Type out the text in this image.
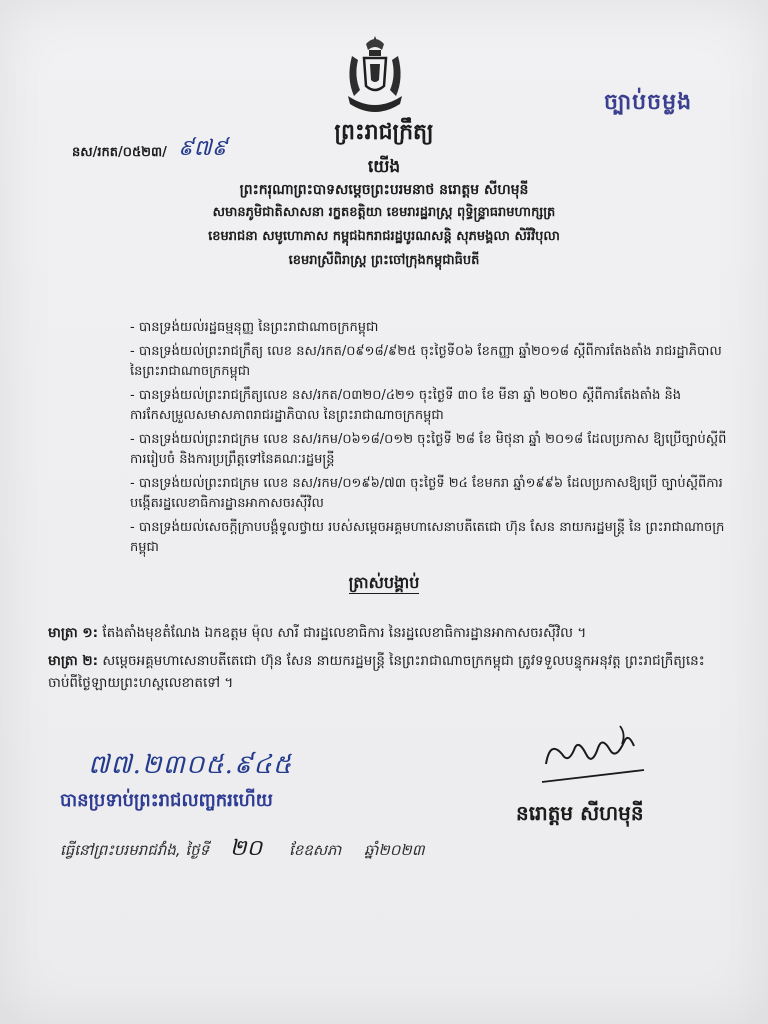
ច្បាប់ចម្លង
ព្រះរាជក្រឹត្យ
នស/រកត/០៥២៣/ ៩៧៩
យើង
ព្រះករុណាព្រះបាទសម្តេចព្រះបរមនាថ នរោត្តម សីហមុនី
សមានភូមិជាតិសាសនា រក្ខតខត្តិយា ខេមរារដ្ឋរាស្ត្រ ពុទ្ធិន្ទ្រាធរាមហាក្សត្រ
ខេមរាជនា សមូហោភាស កម្ពុជឯករាជរដ្ឋបូរណសន្តិ សុភមង្គលា សិរីវិបុលា
ខេមរាស្រីពិរាស្ត្រ ព្រះចៅក្រុងកម្ពុជាធិបតី
- បានទ្រង់យល់រដ្ឋធម្មនុញ្ញ នៃព្រះរាជាណាចក្រកម្ពុជា
- បានទ្រង់យល់ព្រះរាជក្រឹត្យ លេខ នស/រកត/០៩១៨/៩២៥ ចុះថ្ងៃទី០៦ ខែកញ្ញា ឆ្នាំ២០១៨ ស្តីពីការតែងតាំង រាជរដ្ឋាភិបាល នៃព្រះរាជាណាចក្រកម្ពុជា
- បានទ្រង់យល់ព្រះរាជក្រឹត្យលេខ នស/រកត/០៣២០/៤២១ ចុះថ្ងៃទី ៣០ ខែ មីនា ឆ្នាំ ២០២០ ស្តីពីការតែងតាំង និងការកែសម្រួលសមាសភាពរាជរដ្ឋាភិបាល នៃព្រះរាជាណាចក្រកម្ពុជា
- បានទ្រង់យល់ព្រះរាជក្រម លេខ នស/រកម/០៦១៨/០១២ ចុះថ្ងៃទី ២៨ ខែ មិថុនា ឆ្នាំ ២០១៨ ដែលប្រកាស ឱ្យប្រើច្បាប់ស្តីពីការរៀបចំ និងការប្រព្រឹត្តទៅនៃគណៈរដ្ឋមន្ត្រី
- បានទ្រង់យល់ព្រះរាជក្រម លេខ នស/រកម/០១៩៦/៧៣ ចុះថ្ងៃទី ២៤ ខែមករា ឆ្នាំ១៩៩៦ ដែលប្រកាសឱ្យប្រើ ច្បាប់ស្តីពីការបង្កើតរដ្ឋលេខាធិការដ្ឋានអាកាសចរស៊ីវិល
- បានទ្រង់យល់សេចក្តីក្រាបបង្គំទូលថ្វាយ របស់សម្តេចអគ្គមហាសេនាបតីតេជោ ហ៊ុន សែន នាយករដ្ឋមន្ត្រី នៃ ព្រះរាជាណាចក្រកម្ពុជា
ត្រាស់បង្គាប់
មាត្រា ១: តែងតាំងមុខតំណែង ឯកឧត្តម ម៉ុល សារី ជារដ្ឋលេខាធិការ នៃរដ្ឋលេខាធិការដ្ឋានអាកាសចរស៊ីវិល ។
មាត្រា ២: សម្តេចអគ្គមហាសេនាបតីតេជោ ហ៊ុន សែន នាយករដ្ឋមន្ត្រី នៃព្រះរាជាណាចក្រកម្ពុជា ត្រូវទទួលបន្ទុកអនុវត្ត ព្រះរាជក្រឹត្យនេះ ចាប់ពីថ្ងៃឡាយព្រះហស្តលេខាតទៅ ។
៧៧.២៣០៥.៩៤៥
បានប្រទាប់ព្រះរាជលញ្ចករហើយ
នរោត្តម សីហមុនី
ធ្វើនៅព្រះបរមរាជវាំង, ថ្ងៃទី ២០ ខែឧសភា ឆ្នាំ២០២៣
